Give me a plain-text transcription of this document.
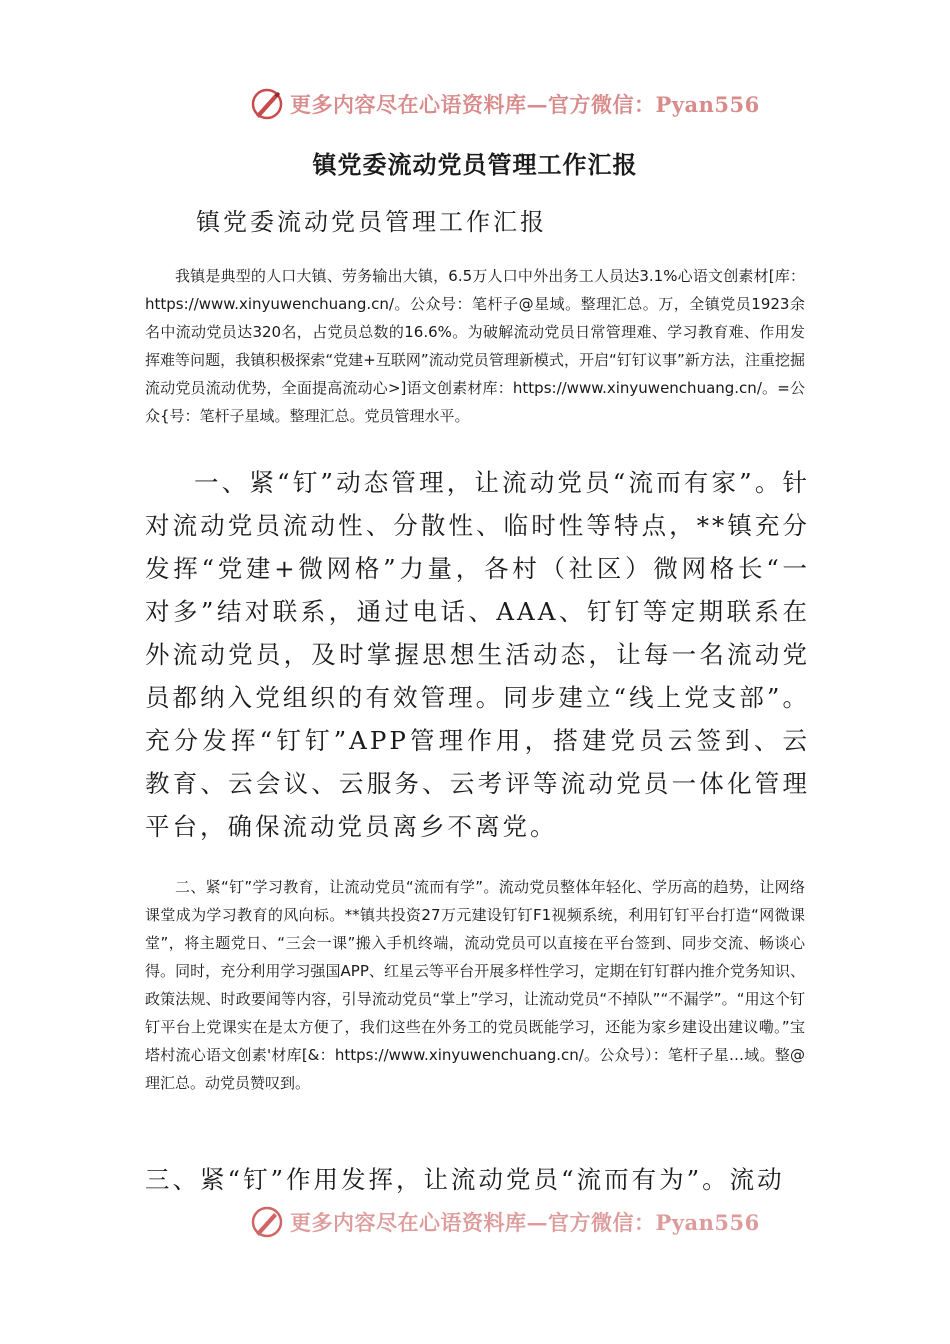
更多内容尽在心语资料库—官方微信：Pyan556
镇党委流动党员管理工作汇报
镇党委流动党员管理工作汇报
我镇是典型的人口大镇、劳务输出大镇，6.5万人口中外出务工人员达3.1%心语文创素材[库：https://www.xinyuwenchuang.cn/。公众号：笔杆子@星域。整理汇总。万，全镇党员1923余名中流动党员达320名，占党员总数的16.6%。为破解流动党员日常管理难、学习教育难、作用发挥难等问题，我镇积极探索“党建+互联网”流动党员管理新模式，开启“钉钉议事”新方法，注重挖掘流动党员流动优势，全面提高流动心>]语文创素材库：https://www.xinyuwenchuang.cn/。=公众{号：笔杆子星域。整理汇总。党员管理水平。
一、紧“钉”动态管理，让流动党员“流而有家”。针对流动党员流动性、分散性、临时性等特点，**镇充分发挥“党建+微网格”力量，各村（社区）微网格长“一对多”结对联系，通过电话、AAA、钉钉等定期联系在外流动党员，及时掌握思想生活动态，让每一名流动党员都纳入党组织的有效管理。同步建立“线上党支部”。充分发挥“钉钉”APP管理作用，搭建党员云签到、云教育、云会议、云服务、云考评等流动党员一体化管理平台，确保流动党员离乡不离党。
二、紧“钉”学习教育，让流动党员“流而有学”。流动党员整体年轻化、学历高的趋势，让网络课堂成为学习教育的风向标。**镇共投资27万元建设钉钉F1视频系统，利用钉钉平台打造“网微课堂”，将主题党日、“三会一课”搬入手机终端，流动党员可以直接在平台签到、同步交流、畅谈心得。同时，充分利用学习强国APP、红星云等平台开展多样性学习，定期在钉钉群内推介党务知识、政策法规、时政要闻等内容，引导流动党员“掌上”学习，让流动党员“不掉队”“不漏学”。“用这个钉钉平台上党课实在是太方便了，我们这些在外务工的党员既能学习，还能为家乡建设出建议嘞。”宝塔村流心语文创素'材库[&：https://www.xinyuwenchuang.cn/。公众号）：笔杆子星…域。整@理汇总。动党员赞叹到。
三、紧“钉”作用发挥，让流动党员“流而有为”。流动
更多内容尽在心语资料库—官方微信：Pyan556
